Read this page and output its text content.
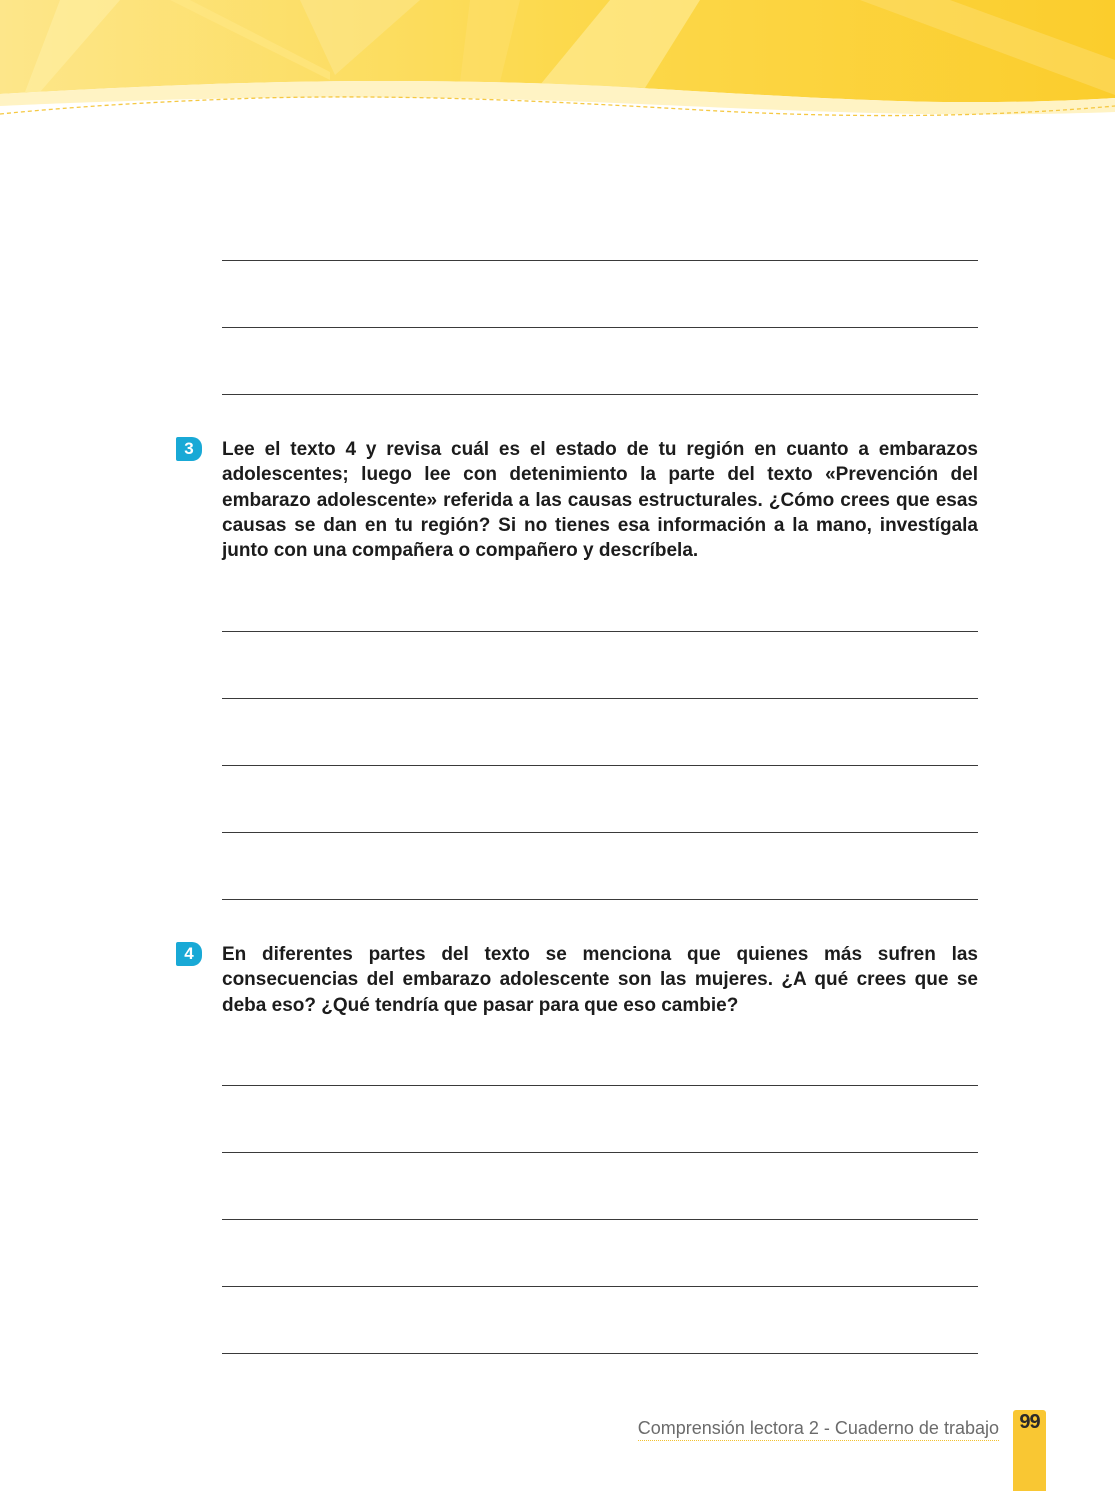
3	Lee el texto 4 y revisa cuál es el estado de tu región en cuanto a embarazos adolescentes; luego lee con detenimiento la parte del texto «Prevención del embarazo adolescente» referida a las causas estructurales. ¿Cómo crees que esas causas se dan en tu región? Si no tienes esa información a la mano, investígala junto con una compañera o compañero y descríbela.
4	En diferentes partes del texto se menciona que quienes más sufren las consecuencias del embarazo adolescente son las mujeres. ¿A qué crees que se deba eso? ¿Qué tendría que pasar para que eso cambie?
Comprensión lectora 2 - Cuaderno de trabajo	99
